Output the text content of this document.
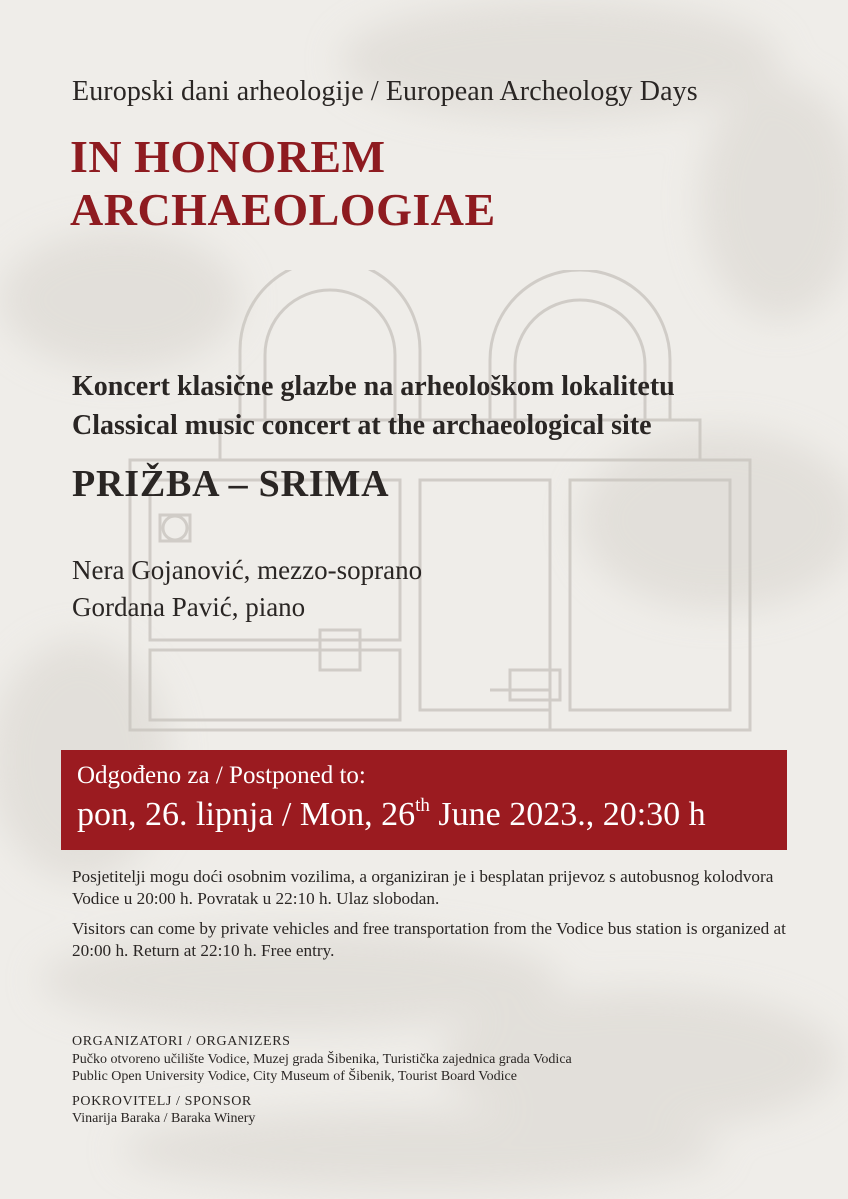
Europski dani arheologije / European Archeology Days
IN HONOREM
ARCHAEOLOGIAE
Koncert klasične glazbe na arheološkom lokalitetu
Classical music concert at the archaeological site
PRIŽBA – SRIMA
Nera Gojanović, mezzo-soprano
Gordana Pavić, piano
Odgođeno za / Postponed to:
pon, 26. lipnja / Mon, 26th June 2023., 20:30 h

Posjetitelji mogu doći osobnim vozilima, a organiziran je i besplatan prijevoz s autobusnog kolodvora Vodice u 20:00 h. Povratak u 22:10 h. Ulaz slobodan.

Visitors can come by private vehicles and free transportation from the Vodice bus station is organized at 20:00 h. Return at 22:10 h. Free entry.

ORGANIZATORI / ORGANIZERS
Pučko otvoreno učilište Vodice, Muzej grada Šibenika, Turistička zajednica grada Vodica
Public Open University Vodice, City Museum of Šibenik, Tourist Board Vodice
POKROVITELJ / SPONSOR
Vinarija Baraka / Baraka Winery
